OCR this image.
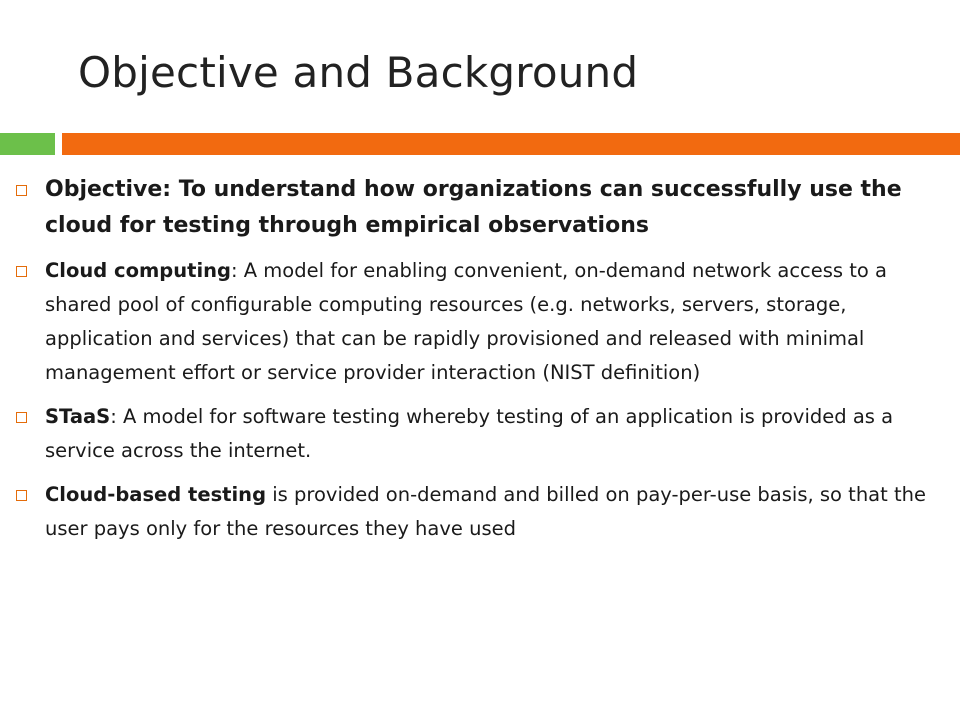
Objective and Background
Objective: To understand how organizations can successfully use the cloud for testing through empirical observations
Cloud computing: A model for enabling convenient, on-demand network access to a shared pool of configurable computing resources (e.g. networks, servers, storage, application and services) that can be rapidly provisioned and released with minimal management effort or service provider interaction (NIST definition)
STaaS: A model for software testing whereby testing of an application is provided as a service across the internet.
Cloud-based testing is provided on-demand and billed on pay-per-use basis, so that the user pays only for the resources they have used
